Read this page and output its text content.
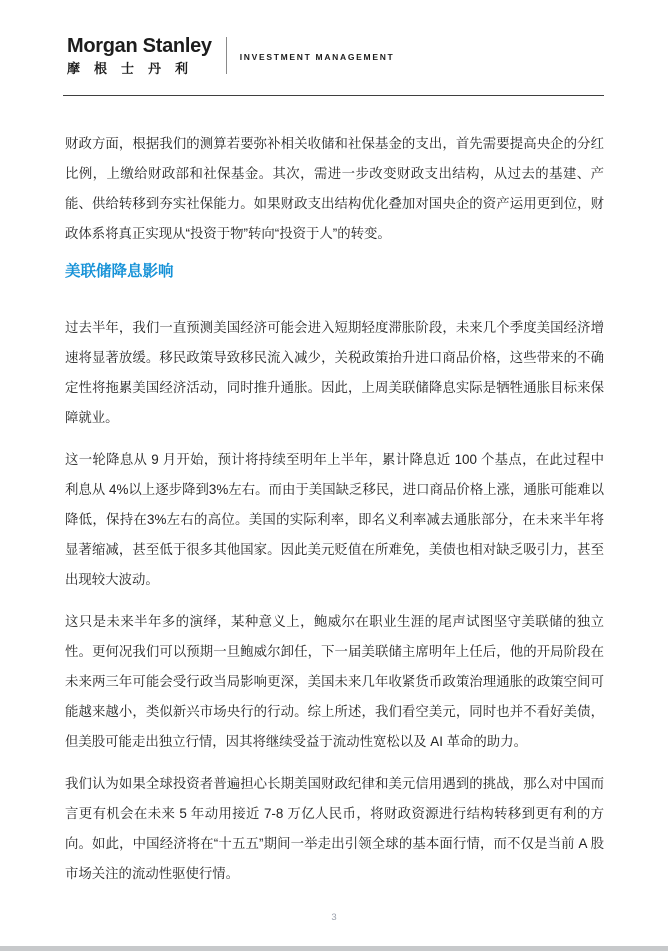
Morgan Stanley
摩根士丹利
INVESTMENT MANAGEMENT

财政方面，根据我们的测算若要弥补相关收储和社保基金的支出，首先需要提高央企的分红比例，上缴给财政部和社保基金。其次，需进一步改变财政支出结构，从过去的基建、产能、供给转移到夯实社保能力。如果财政支出结构优化叠加对国央企的资产运用更到位，财政体系将真正实现从“投资于物”转向“投资于人”的转变。

美联储降息影响

过去半年，我们一直预测美国经济可能会进入短期轻度滞胀阶段，未来几个季度美国经济增速将显著放缓。移民政策导致移民流入减少，关税政策抬升进口商品价格，这些带来的不确定性将拖累美国经济活动，同时推升通胀。因此，上周美联储降息实际是牺牲通胀目标来保障就业。

这一轮降息从 9 月开始，预计将持续至明年上半年，累计降息近 100 个基点，在此过程中利息从 4%以上逐步降到3%左右。而由于美国缺乏移民，进口商品价格上涨，通胀可能难以降低，保持在3%左右的高位。美国的实际利率，即名义利率减去通胀部分，在未来半年将显著缩减，甚至低于很多其他国家。因此美元贬值在所难免，美债也相对缺乏吸引力，甚至出现较大波动。

这只是未来半年多的演绎，某种意义上，鲍威尔在职业生涯的尾声试图坚守美联储的独立性。更何况我们可以预期一旦鲍威尔卸任，下一届美联储主席明年上任后，他的开局阶段在未来两三年可能会受行政当局影响更深，美国未来几年收紧货币政策治理通胀的政策空间可能越来越小，类似新兴市场央行的行动。综上所述，我们看空美元，同时也并不看好美债，但美股可能走出独立行情，因其将继续受益于流动性宽松以及 AI 革命的助力。

我们认为如果全球投资者普遍担心长期美国财政纪律和美元信用遇到的挑战，那么对中国而言更有机会在未来 5 年动用接近 7-8 万亿人民币，将财政资源进行结构转移到更有利的方向。如此，中国经济将在“十五五”期间一举走出引领全球的基本面行情，而不仅是当前 A 股市场关注的流动性驱使行情。

3
